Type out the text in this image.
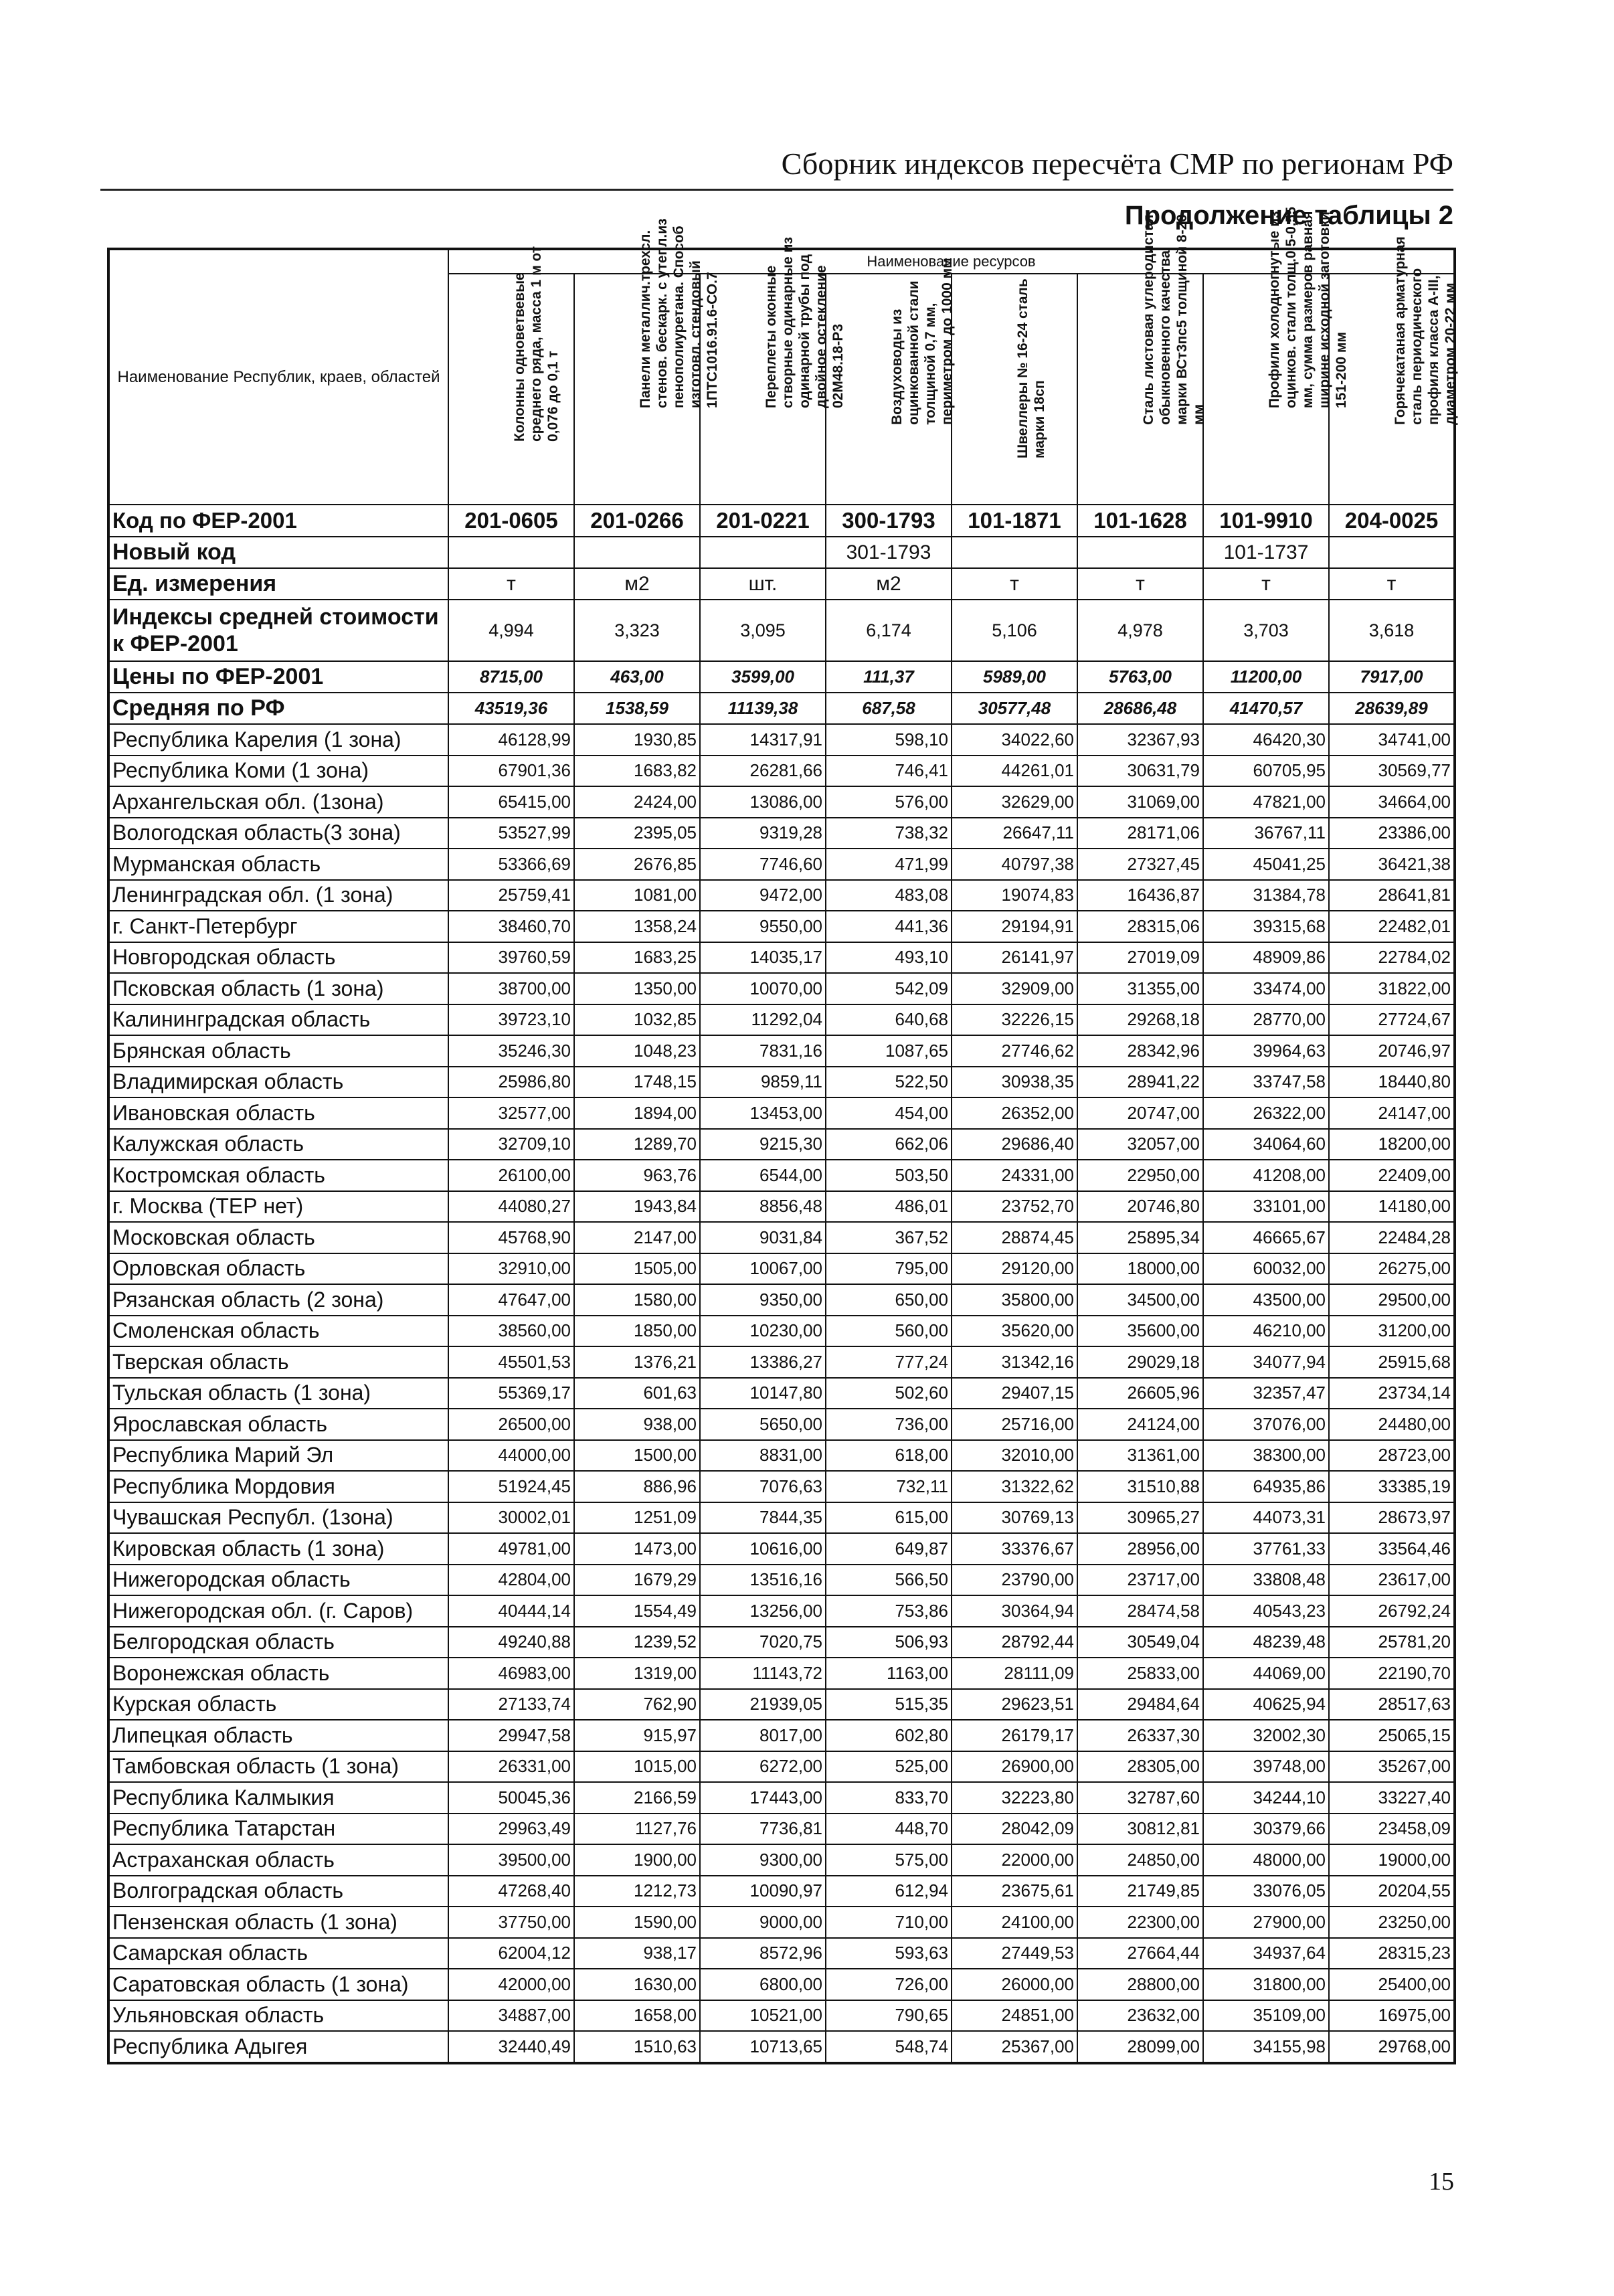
Сборник индексов пересчёта СМР по регионам РФ
Продолжение таблицы 2
Наименование Республик, краев, областей	Наименование ресурсов							

	Колонны одноветвевые среднего ряда, масса 1 м от 0,076 до 0,1 т	Панели металлич.трехсл. стенов. бескарк. с утепл.из пенополиуретана. Способ изготовл. стендовый 1ПТС1016.91.6-СО.7	Переплеты оконные створные одинарные из одинарной трубы под двойное остекление 02М48.18-Р3	Воздуховоды из оцинкованной стали толщиной 0,7 мм, периметром до 1000 мм	Швеллеры № 16-24 сталь марки 18сп	Сталь листовая углеродистая обыкновенного качества марки ВСт3пс5 толщиной 8-20 мм	Профили холодногнутые из оцинков. стали толщ.0,5-0,55 мм, сумма размеров равная ширине исходной заготовки 151-200 мм	Горячекатаная арматурная сталь периодического профиля класса А-III, диаметром 20-22 мм

Код по ФЕР-2001	201-0605	201-0266	201-0221	300-1793	101-1871	101-1628	101-9910	204-0025
Новый код				301-1793			101-1737	
Ед. измерения	т	м2	шт.	м2	т	т	т	т
Индексы средней стоимости к ФЕР-2001	4,994	3,323	3,095	6,174	5,106	4,978	3,703	3,618
Цены по ФЕР-2001	8715,00	463,00	3599,00	111,37	5989,00	5763,00	11200,00	7917,00
Средняя по РФ	43519,36	1538,59	11139,38	687,58	30577,48	28686,48	41470,57	28639,89
Республика Карелия (1 зона)	46128,99	1930,85	14317,91	598,10	34022,60	32367,93	46420,30	34741,00
Республика Коми (1 зона)	67901,36	1683,82	26281,66	746,41	44261,01	30631,79	60705,95	30569,77
Архангельская обл. (1зона)	65415,00	2424,00	13086,00	576,00	32629,00	31069,00	47821,00	34664,00
Вологодская область(3 зона)	53527,99	2395,05	9319,28	738,32	26647,11	28171,06	36767,11	23386,00
Мурманская область	53366,69	2676,85	7746,60	471,99	40797,38	27327,45	45041,25	36421,38
Ленинградская обл. (1 зона)	25759,41	1081,00	9472,00	483,08	19074,83	16436,87	31384,78	28641,81
г. Санкт-Петербург	38460,70	1358,24	9550,00	441,36	29194,91	28315,06	39315,68	22482,01
Новгородская область	39760,59	1683,25	14035,17	493,10	26141,97	27019,09	48909,86	22784,02
Псковская область (1 зона)	38700,00	1350,00	10070,00	542,09	32909,00	31355,00	33474,00	31822,00
Калининградская область	39723,10	1032,85	11292,04	640,68	32226,15	29268,18	28770,00	27724,67
Брянская область	35246,30	1048,23	7831,16	1087,65	27746,62	28342,96	39964,63	20746,97
Владимирская область	25986,80	1748,15	9859,11	522,50	30938,35	28941,22	33747,58	18440,80
Ивановская область	32577,00	1894,00	13453,00	454,00	26352,00	20747,00	26322,00	24147,00
Калужская область	32709,10	1289,70	9215,30	662,06	29686,40	32057,00	34064,60	18200,00
Костромская область	26100,00	963,76	6544,00	503,50	24331,00	22950,00	41208,00	22409,00
г. Москва (ТЕР нет)	44080,27	1943,84	8856,48	486,01	23752,70	20746,80	33101,00	14180,00
Московская область	45768,90	2147,00	9031,84	367,52	28874,45	25895,34	46665,67	22484,28
Орловская область	32910,00	1505,00	10067,00	795,00	29120,00	18000,00	60032,00	26275,00
Рязанская область (2 зона)	47647,00	1580,00	9350,00	650,00	35800,00	34500,00	43500,00	29500,00
Смоленская область	38560,00	1850,00	10230,00	560,00	35620,00	35600,00	46210,00	31200,00
Тверская область	45501,53	1376,21	13386,27	777,24	31342,16	29029,18	34077,94	25915,68
Тульская область (1 зона)	55369,17	601,63	10147,80	502,60	29407,15	26605,96	32357,47	23734,14
Ярославская область	26500,00	938,00	5650,00	736,00	25716,00	24124,00	37076,00	24480,00
Республика Марий Эл	44000,00	1500,00	8831,00	618,00	32010,00	31361,00	38300,00	28723,00
Республика Мордовия	51924,45	886,96	7076,63	732,11	31322,62	31510,88	64935,86	33385,19
Чувашская Республ. (1зона)	30002,01	1251,09	7844,35	615,00	30769,13	30965,27	44073,31	28673,97
Кировская область (1 зона)	49781,00	1473,00	10616,00	649,87	33376,67	28956,00	37761,33	33564,46
Нижегородская область	42804,00	1679,29	13516,16	566,50	23790,00	23717,00	33808,48	23617,00
Нижегородская обл. (г. Саров)	40444,14	1554,49	13256,00	753,86	30364,94	28474,58	40543,23	26792,24
Белгородская область	49240,88	1239,52	7020,75	506,93	28792,44	30549,04	48239,48	25781,20
Воронежская область	46983,00	1319,00	11143,72	1163,00	28111,09	25833,00	44069,00	22190,70
Курская область	27133,74	762,90	21939,05	515,35	29623,51	29484,64	40625,94	28517,63
Липецкая область	29947,58	915,97	8017,00	602,80	26179,17	26337,30	32002,30	25065,15
Тамбовская область (1 зона)	26331,00	1015,00	6272,00	525,00	26900,00	28305,00	39748,00	35267,00
Республика Калмыкия	50045,36	2166,59	17443,00	833,70	32223,80	32787,60	34244,10	33227,40
Республика Татарстан	29963,49	1127,76	7736,81	448,70	28042,09	30812,81	30379,66	23458,09
Астраханская область	39500,00	1900,00	9300,00	575,00	22000,00	24850,00	48000,00	19000,00
Волгоградская область	47268,40	1212,73	10090,97	612,94	23675,61	21749,85	33076,05	20204,55
Пензенская область (1 зона)	37750,00	1590,00	9000,00	710,00	24100,00	22300,00	27900,00	23250,00
Самарская область	62004,12	938,17	8572,96	593,63	27449,53	27664,44	34937,64	28315,23
Саратовская область (1 зона)	42000,00	1630,00	6800,00	726,00	26000,00	28800,00	31800,00	25400,00
Ульяновская область	34887,00	1658,00	10521,00	790,65	24851,00	23632,00	35109,00	16975,00
Республика Адыгея	32440,49	1510,63	10713,65	548,74	25367,00	28099,00	34155,98	29768,00
15
